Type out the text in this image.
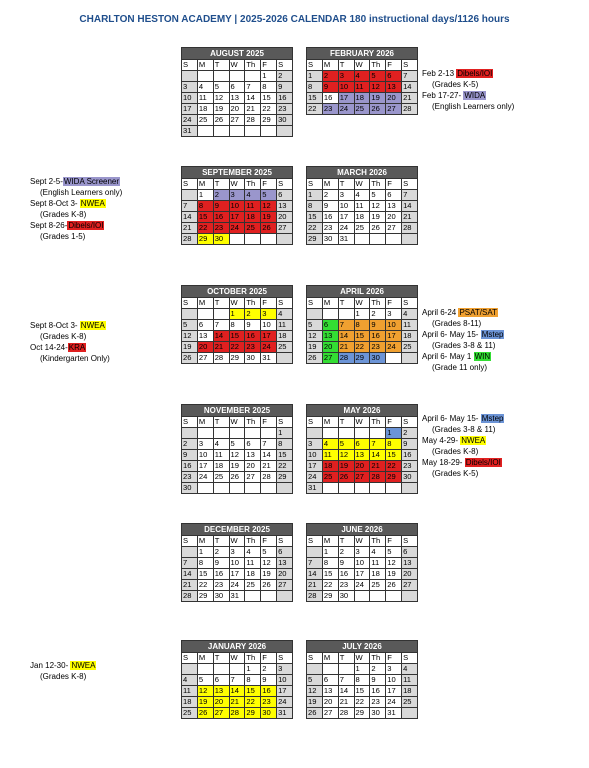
CHARLTON HESTON ACADEMY | 2025-2026 CALENDAR 180 instructional days/1126 hours
AUGUST 2025
S	M	T	W	Th	F	S
					1	2
3	4	5	6	7	8	9
10	11	12	13	14	15	16
17	18	19	20	21	22	23
24	25	26	27	28	29	30
31						
FEBRUARY 2026
S	M	T	W	Th	F	S
1	2	3	4	5	6	7
8	9	10	11	12	13	14
15	16	17	18	19	20	21
22	23	24	25	26	27	28
SEPTEMBER 2025
S	M	T	W	Th	F	S
	1	2	3	4	5	6
7	8	9	10	11	12	13
14	15	16	17	18	19	20
21	22	23	24	25	26	27
28	29	30				
MARCH 2026
S	M	T	W	Th	F	S
1	2	3	4	5	6	7
8	9	10	11	12	13	14
15	16	17	18	19	20	21
22	23	24	25	26	27	28
29	30	31				
OCTOBER 2025
S	M	T	W	Th	F	S
			1	2	3	4
5	6	7	8	9	10	11
12	13	14	15	16	17	18
19	20	21	22	23	24	25
26	27	28	29	30	31	
APRIL 2026
S	M	T	W	Th	F	S
			1	2	3	4
5	6	7	8	9	10	11
12	13	14	15	16	17	18
19	20	21	22	23	24	25
26	27	28	29	30		
NOVEMBER 2025
S	M	T	W	Th	F	S
						1
2	3	4	5	6	7	8
9	10	11	12	13	14	15
16	17	18	19	20	21	22
23	24	25	26	27	28	29
30						
MAY 2026
S	M	T	W	Th	F	S
					1	2
3	4	5	6	7	8	9
10	11	12	13	14	15	16
17	18	19	20	21	22	23
24	25	26	27	28	29	30
31						
DECEMBER 2025
S	M	T	W	Th	F	S
	1	2	3	4	5	6
7	8	9	10	11	12	13
14	15	16	17	18	19	20
21	22	23	24	25	26	27
28	29	30	31			
JUNE 2026
S	M	T	W	Th	F	S
	1	2	3	4	5	6
7	8	9	10	11	12	13
14	15	16	17	18	19	20
21	22	23	24	25	26	27
28	29	30				
JANUARY 2026
S	M	T	W	Th	F	S
				1	2	3
4	5	6	7	8	9	10
11	12	13	14	15	16	17
18	19	20	21	22	23	24
25	26	27	28	29	30	31
JULY 2026
S	M	T	W	Th	F	S
			1	2	3	4
5	6	7	8	9	10	11
12	13	14	15	16	17	18
19	20	21	22	23	24	25
26	27	28	29	30	31	
Feb 2-13 Dibels/IOI
(Grades K-5)
Feb 17-27- WIDA
(English Learners only)
Sept 2-5-WIDA Screener
(English Learners only)
Sept 8-Oct 3- NWEA
(Grades K-8)
Sept 8-26-Dibels/IOI
(Grades 1-5)
Sept 8-Oct 3- NWEA
(Grades K-8)
Oct 14-24-KRA
(Kindergarten Only)
April 6-24 PSAT/SAT
(Grades 8-11)
April 6- May 15- Mstep
(Grades 3-8 & 11)
April 6- May 1 WIN
(Grade 11 only)
April 6- May 15- Mstep
(Grades 3-8 & 11)
May 4-29- NWEA
(Grades K-8)
May 18-29- Dibels/IOI
(Grades K-5)
Jan 12-30- NWEA
(Grades K-8)
